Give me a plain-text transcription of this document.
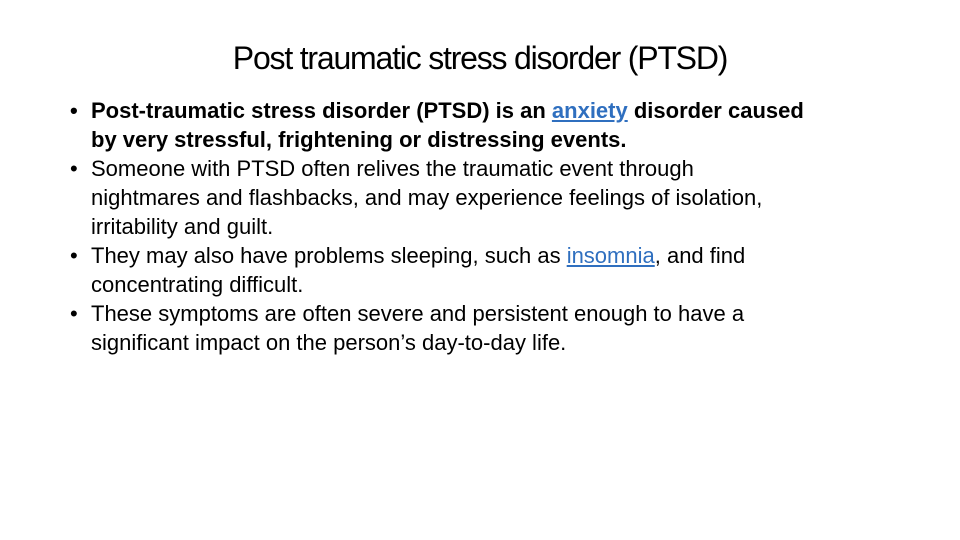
Post traumatic stress disorder (PTSD)
• Post-traumatic stress disorder (PTSD) is an anxiety disorder caused
by very stressful, frightening or distressing events.
• Someone with PTSD often relives the traumatic event through
nightmares and flashbacks, and may experience feelings of isolation,
irritability and guilt.
• They may also have problems sleeping, such as insomnia, and find
concentrating difficult.
• These symptoms are often severe and persistent enough to have a
significant impact on the person’s day-to-day life.
